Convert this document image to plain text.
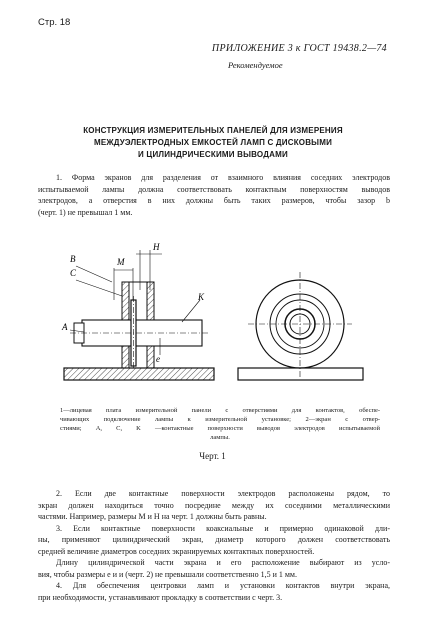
Стр. 18
ПРИЛОЖЕНИЕ 3 к ГОСТ 19438.2—74
Рекомендуемое
КОНСТРУКЦИЯ ИЗМЕРИТЕЛЬНЫХ ПАНЕЛЕЙ ДЛЯ ИЗМЕРЕНИЯ
МЕЖДУЭЛЕКТРОДНЫХ ЕМКОСТЕЙ ЛАМП С ДИСКОВЫМИ
И ЦИЛИНДРИЧЕСКИМИ ВЫВОДАМИ
1. Форма экранов для разделения от взаимного влияния соседних электродов
испытываемой лампы должна соответствовать контактным поверхностям выводов
электродов, а отверстия в них должны быть таких размеров, чтобы зазор b
(черт. 1) не превышал 1 мм.
B
C
A
M
H
K
e
1—лицевая плата измерительной панели с отверстиями для контактов, обеспе-
чивающих подключение лампы к измерительной установке; 2—экран с отвер-
стиями; A, C, K —контактные поверхности выводов электродов испытываемой
лампы.
Черт. 1
2. Если две контактные поверхности электродов расположены рядом, то
экран должен находиться точно посредине между их соседними металлическими
частями. Например, размеры M и H на черт. 1 должны быть равны.
3. Если контактные поверхности коаксиальные и примерно одинаковой дли-
ны, применяют цилиндрический экран, диаметр которого должен соответствовать
средней величине диаметров соседних экранируемых контактных поверхностей.
Длину цилиндрической части экрана и его расположение выбирают из усло-
вия, чтобы размеры e и и (черт. 2) не превышали соответственно 1,5 и 1 мм.
4. Для обеспечения центровки ламп и установки контактов внутри экрана,
при необходимости, устанавливают прокладку в соответствии с черт. 3.
